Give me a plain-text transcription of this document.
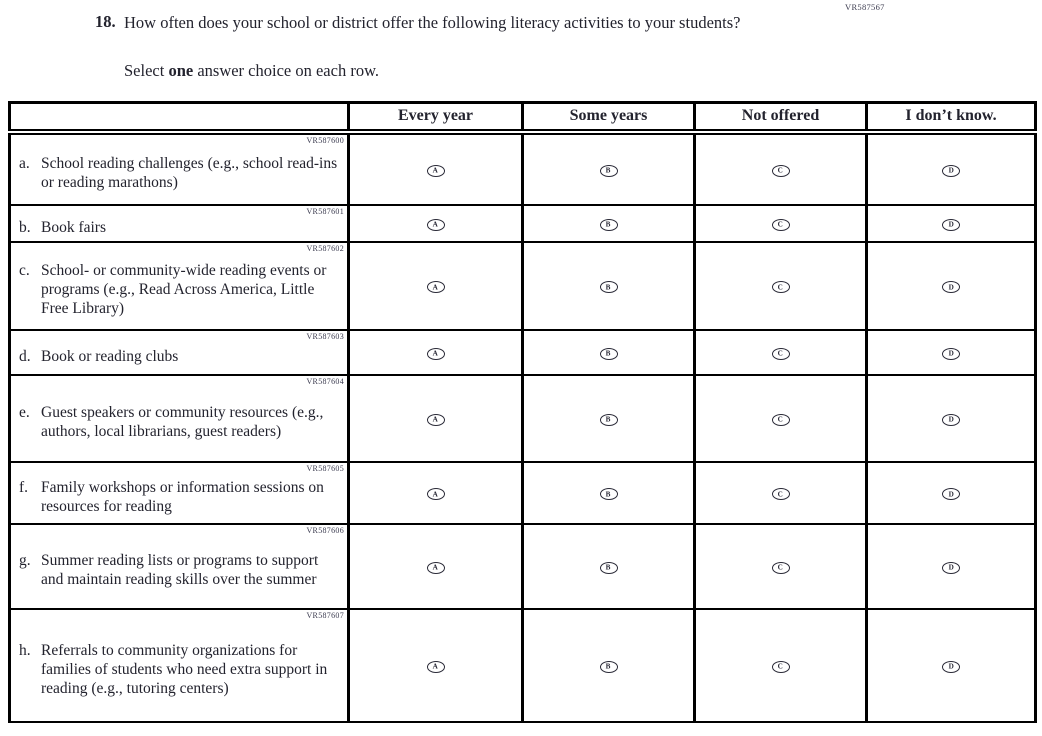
VR587567
18. How often does your school or district offer the following literacy activities to your students?
Select one answer choice on each row.
	Every year	Some years	Not offered	I don’t know.

VR587600
a. School reading challenges (e.g., school read-ins or reading marathons)	A	B	C	D

VR587601
b. Book fairs	A	B	C	D

VR587602
c. School- or community-wide reading events or programs (e.g., Read Across America, Little Free Library)	A	B	C	D

VR587603
d. Book or reading clubs	A	B	C	D

VR587604
e. Guest speakers or community resources (e.g., authors, local librarians, guest readers)	A	B	C	D

VR587605
f. Family workshops or information sessions on resources for reading	A	B	C	D

VR587606
g. Summer reading lists or programs to support and maintain reading skills over the summer	A	B	C	D

VR587607
h. Referrals to community organizations for families of students who need extra support in reading (e.g., tutoring centers)	A	B	C	D
